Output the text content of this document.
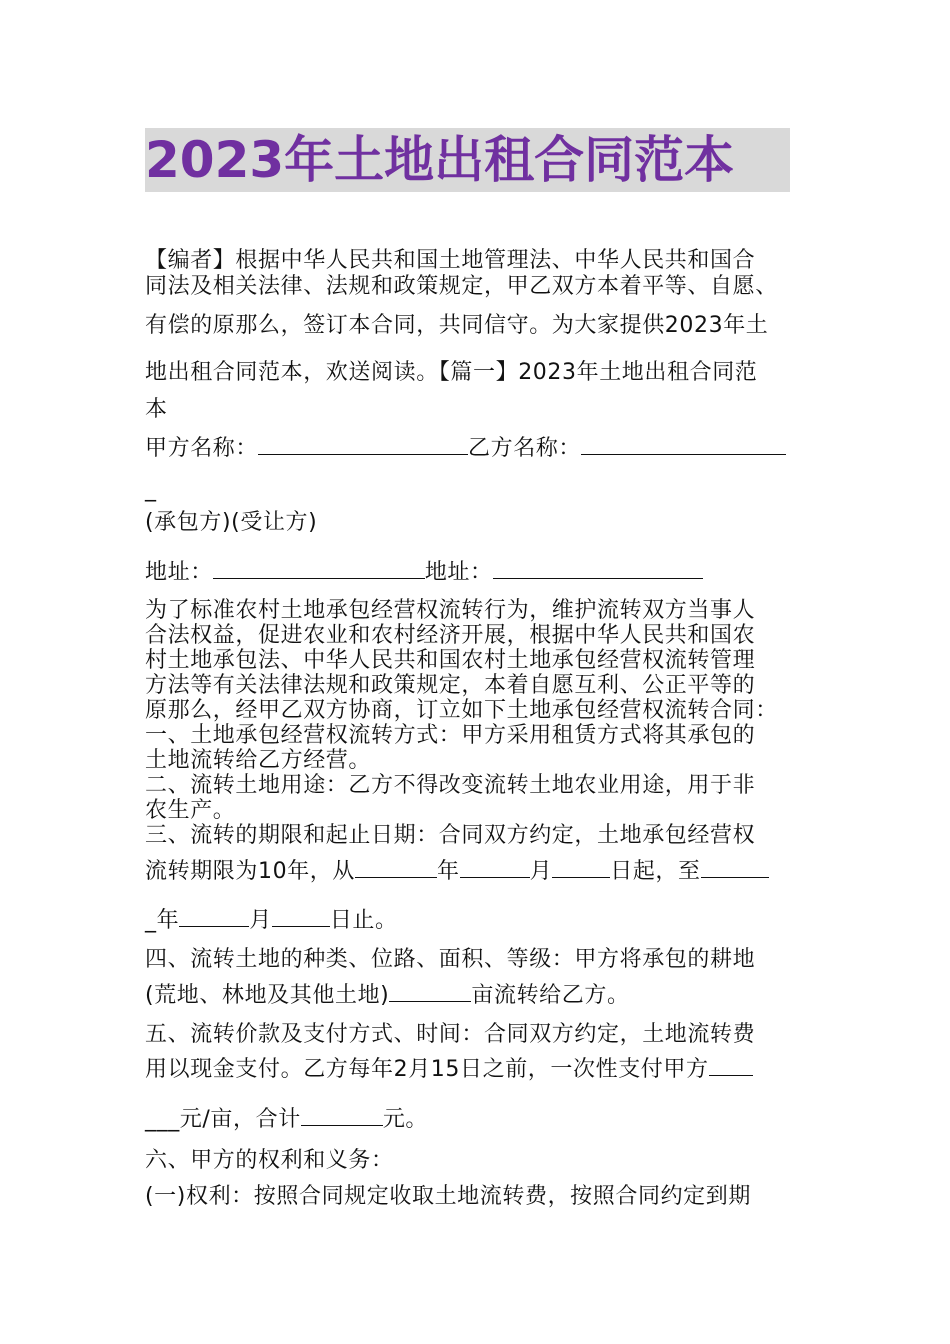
2023年土地出租合同范本
【编者】根据中华人民共和国土地管理法、中华人民共和国合
同法及相关法律、法规和政策规定，甲乙双方本着平等、自愿、
有偿的原那么，签订本合同，共同信守。为大家提供2023年土
地出租合同范本，欢送阅读。【篇一】2023年土地出租合同范
本
甲方名称：	乙方名称：
_
(承包方)(受让方)
地址：	地址：
为了标准农村土地承包经营权流转行为，维护流转双方当事人
合法权益，促进农业和农村经济开展，根据中华人民共和国农
村土地承包法、中华人民共和国农村土地承包经营权流转管理
方法等有关法律法规和政策规定，本着自愿互利、公正平等的
原那么，经甲乙双方协商，订立如下土地承包经营权流转合同：
一、土地承包经营权流转方式：甲方采用租赁方式将其承包的
土地流转给乙方经营。
二、流转土地用途：乙方不得改变流转土地农业用途，用于非
农生产。
三、流转的期限和起止日期：合同双方约定，土地承包经营权
流转期限为10年，从	年	月	日起，至
_年	月	日止。
四、流转土地的种类、位路、面积、等级：甲方将承包的耕地
(荒地、林地及其他土地)	亩流转给乙方。
五、流转价款及支付方式、时间：合同双方约定，土地流转费
用以现金支付。乙方每年2月15日之前，一次性支付甲方
___元/亩，合计	元。
六、甲方的权利和义务：
(一)权利：按照合同规定收取土地流转费，按照合同约定到期
